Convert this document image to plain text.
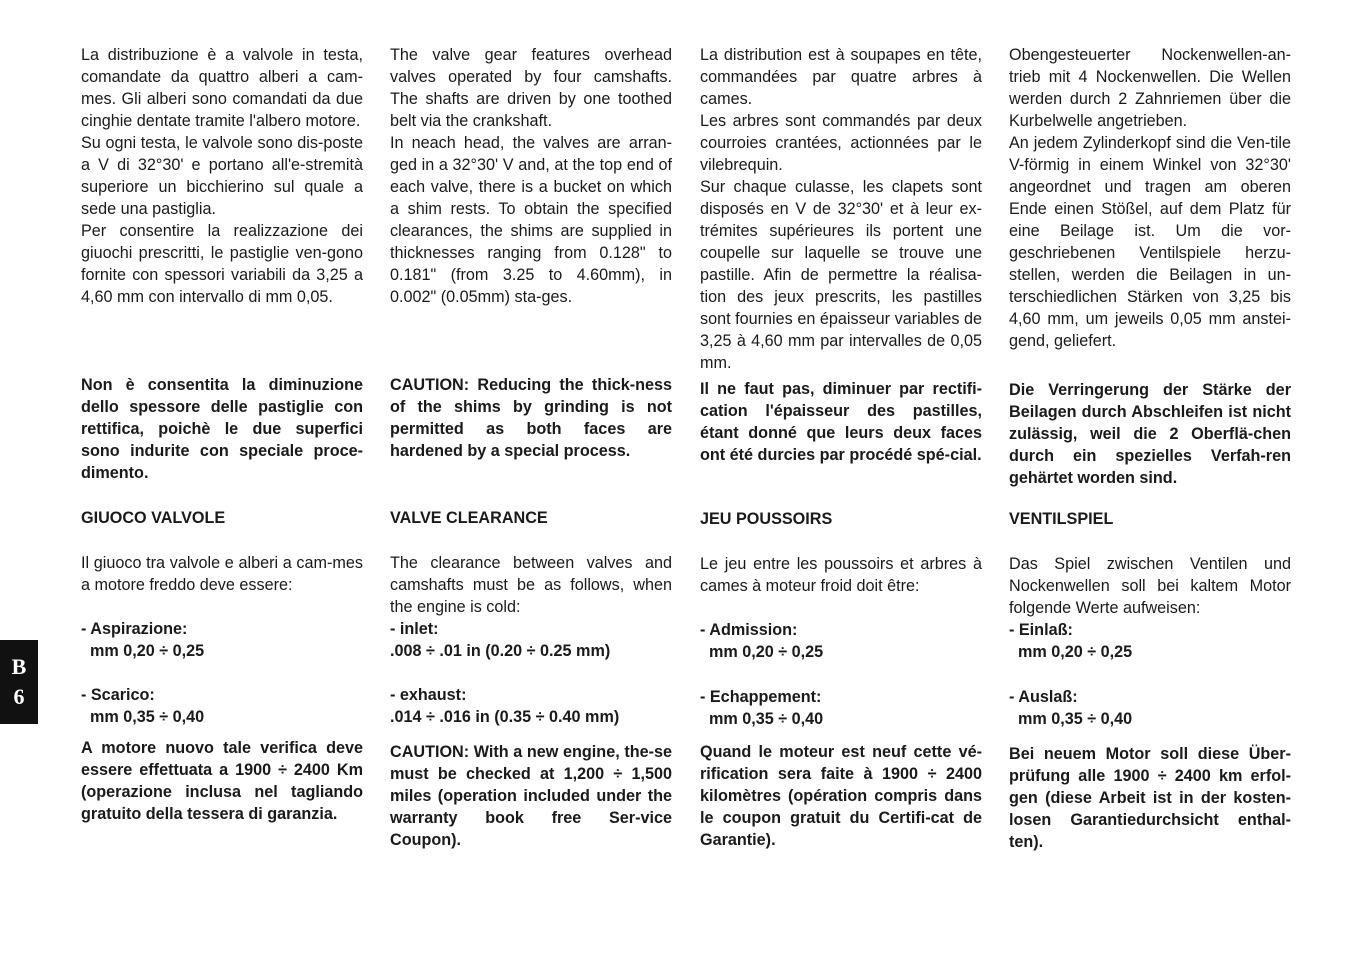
B
6

La distribuzione è a valvole in testa, comandate da quattro alberi a cam-mes. Gli alberi sono comandati da due cinghie dentate tramite l'albero motore.

Su ogni testa, le valvole sono dis-poste a V di 32°30' e portano all'e-stremità superiore un bicchierino sul quale a sede una pastiglia.

Per consentire la realizzazione dei giuochi prescritti, le pastiglie ven-gono fornite con spessori variabili da 3,25 a 4,60 mm con intervallo di mm 0,05.

Non è consentita la diminuzione dello spessore delle pastiglie con rettifica, poichè le due superfici sono indurite con speciale proce-dimento.

GIUOCO VALVOLE

Il giuoco tra valvole e alberi a cam-mes a motore freddo deve essere:

- Aspirazione:

mm 0,20 ÷ 0,25

- Scarico:

mm 0,35 ÷ 0,40

A motore nuovo tale verifica deve essere effettuata a 1900 ÷ 2400 Km (operazione inclusa nel tagliando gratuito della tessera di garanzia.

The valve gear features overhead valves operated by four camshafts. The shafts are driven by one toothed belt via the crankshaft.

In neach head, the valves are arran-ged in a 32°30' V and, at the top end of each valve, there is a bucket on which a shim rests. To obtain the specified clearances, the shims are supplied in thicknesses ranging from 0.128" to 0.181" (from 3.25 to 4.60mm), in 0.002" (0.05mm) sta-ges.

CAUTION: Reducing the thick-ness of the shims by grinding is not permitted as both faces are hardened by a special process.

VALVE CLEARANCE

The clearance between valves and camshafts must be as follows, when the engine is cold:

- inlet:

.008 ÷ .01 in (0.20 ÷ 0.25 mm)

- exhaust:

.014 ÷ .016 in (0.35 ÷ 0.40 mm)

CAUTION: With a new engine, the-se must be checked at 1,200 ÷ 1,500 miles (operation included under the warranty book free Ser-vice Coupon).

La distribution est à soupapes en tête, commandées par quatre arbres à cames.

Les arbres sont commandés par deux courroies crantées, actionnées par le vilebrequin.

Sur chaque culasse, les clapets sont disposés en V de 32°30' et à leur ex-trémites supérieures ils portent une coupelle sur laquelle se trouve une pastille. Afin de permettre la réalisa-tion des jeux prescrits, les pastilles sont fournies en épaisseur variables de 3,25 à 4,60 mm par intervalles de 0,05 mm.

Il ne faut pas, diminuer par rectifi-cation l'épaisseur des pastilles, étant donné que leurs deux faces ont été durcies par procédé spé-cial.

JEU POUSSOIRS

Le jeu entre les poussoirs et arbres à cames à moteur froid doit être:

- Admission:

mm 0,20 ÷ 0,25

- Echappement:

mm 0,35 ÷ 0,40

Quand le moteur est neuf cette vé-rification sera faite à 1900 ÷ 2400 kilomètres (opération compris dans le coupon gratuit du Certifi-cat de Garantie).

Obengesteuerter Nockenwellen-an-trieb mit 4 Nockenwellen. Die Wellen werden durch 2 Zahnriemen über die Kurbelwelle angetrieben.

An jedem Zylinderkopf sind die Ven-tile V-förmig in einem Winkel von 32°30' angeordnet und tragen am oberen Ende einen Stößel, auf dem Platz für eine Beilage ist. Um die vor-geschriebenen Ventilspiele herzu-stellen, werden die Beilagen in un-terschiedlichen Stärken von 3,25 bis 4,60 mm, um jeweils 0,05 mm anstei-gend, geliefert.

Die Verringerung der Stärke der Beilagen durch Abschleifen ist nicht zulässig, weil die 2 Oberflä-chen durch ein spezielles Verfah-ren gehärtet worden sind.

VENTILSPIEL

Das Spiel zwischen Ventilen und Nockenwellen soll bei kaltem Motor folgende Werte aufweisen:

- Einlaß:

mm 0,20 ÷ 0,25

- Auslaß:

mm 0,35 ÷ 0,40

Bei neuem Motor soll diese Über-prüfung alle 1900 ÷ 2400 km erfol-gen (diese Arbeit ist in der kosten-losen Garantiedurchsicht enthal-ten).
